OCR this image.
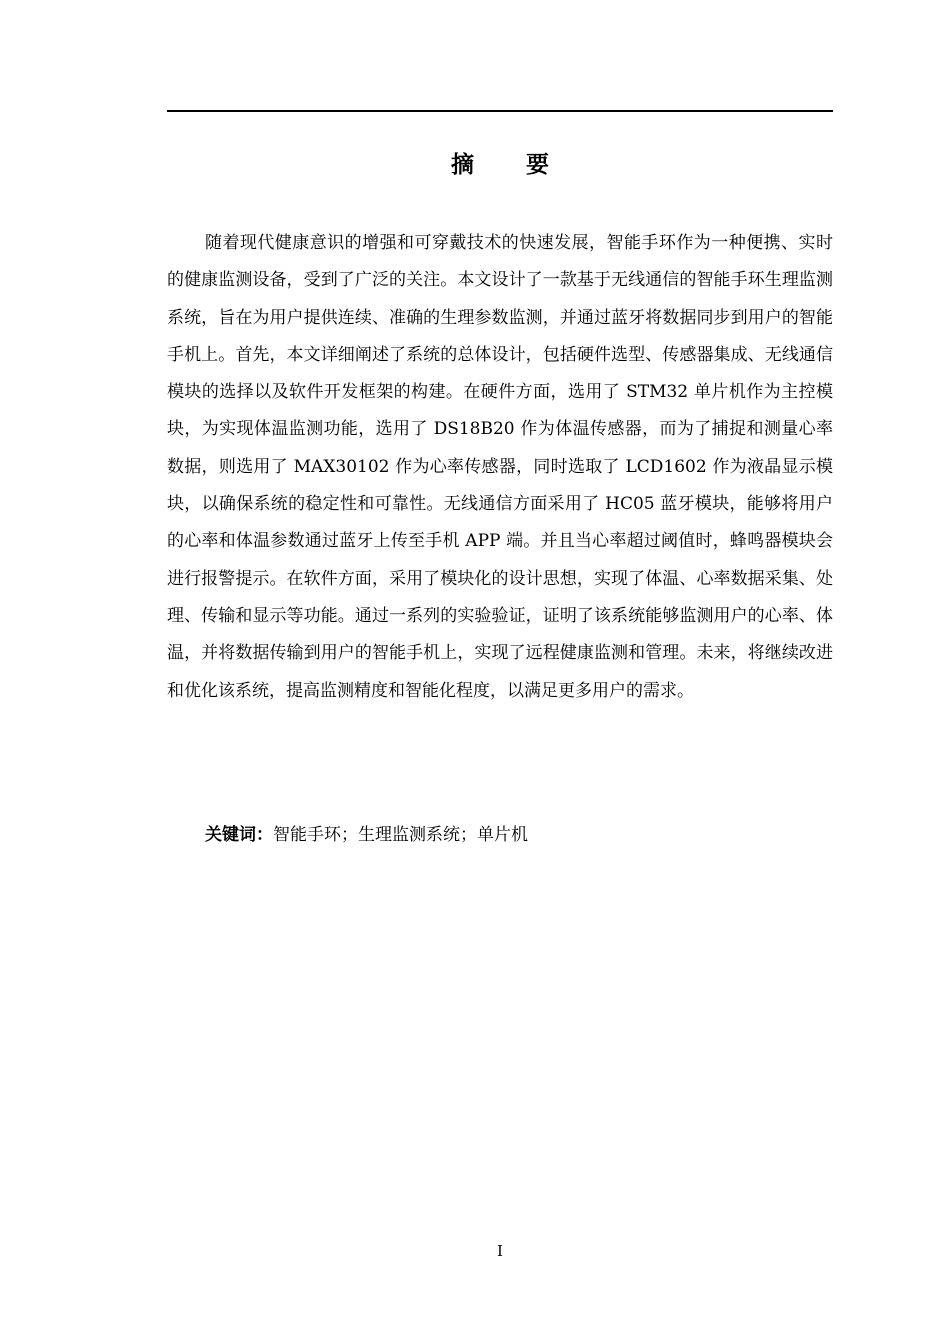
摘 要

随着现代健康意识的增强和可穿戴技术的快速发展，智能手环作为一种便携、实时的健康监测设备，受到了广泛的关注。本文设计了一款基于无线通信的智能手环生理监测系统，旨在为用户提供连续、准确的生理参数监测，并通过蓝牙将数据同步到用户的智能手机上。首先，本文详细阐述了系统的总体设计，包括硬件选型、传感器集成、无线通信模块的选择以及软件开发框架的构建。在硬件方面，选用了 STM32 单片机作为主控模块，为实现体温监测功能，选用了 DS18B20 作为体温传感器，而为了捕捉和测量心率数据，则选用了 MAX30102 作为心率传感器，同时选取了 LCD1602 作为液晶显示模块，以确保系统的稳定性和可靠性。无线通信方面采用了 HC05 蓝牙模块，能够将用户的心率和体温参数通过蓝牙上传至手机 APP 端。并且当心率超过阈值时，蜂鸣器模块会进行报警提示。在软件方面，采用了模块化的设计思想，实现了体温、心率数据采集、处理、传输和显示等功能。通过一系列的实验验证，证明了该系统能够监测用户的心率、体温，并将数据传输到用户的智能手机上，实现了远程健康监测和管理。未来，将继续改进和优化该系统，提高监测精度和智能化程度，以满足更多用户的需求。

关键词：智能手环；生理监测系统；单片机
I
